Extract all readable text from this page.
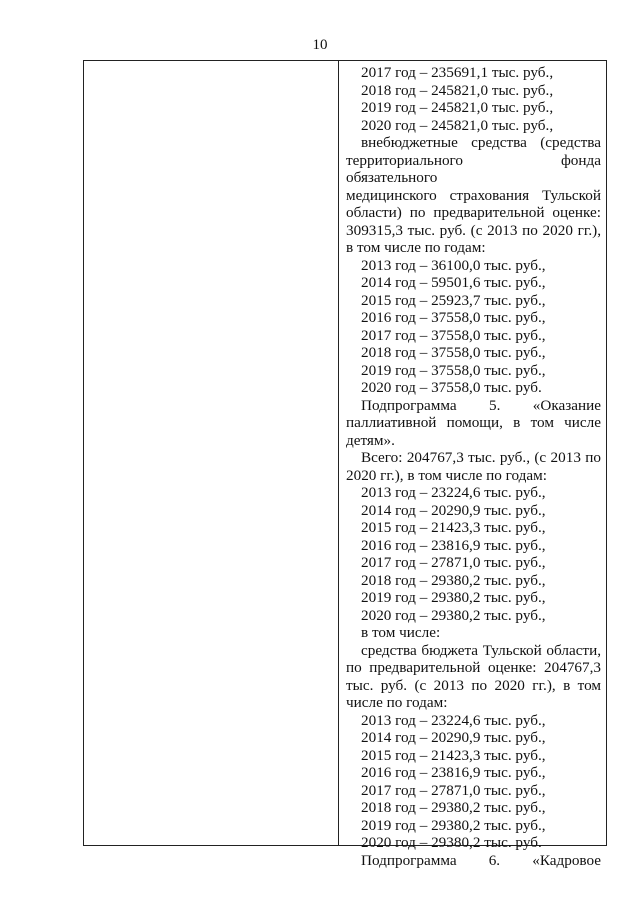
10

2017 год – 235691,1 тыс. руб.,

2018 год – 245821,0 тыс. руб.,

2019 год – 245821,0 тыс. руб.,

2020 год – 245821,0 тыс. руб.,

внебюджетные средства (средства

территориального фонда обязательного

медицинского страхования Тульской

области) по предварительной оценке:

309315,3 тыс. руб. (с 2013 по 2020 гг.),

в том числе по годам:

2013 год – 36100,0 тыс. руб.,

2014 год – 59501,6 тыс. руб.,

2015 год – 25923,7 тыс. руб.,

2016 год – 37558,0 тыс. руб.,

2017 год – 37558,0 тыс. руб.,

2018 год – 37558,0 тыс. руб.,

2019 год – 37558,0 тыс. руб.,

2020 год – 37558,0 тыс. руб.

Подпрограмма 5. «Оказание

паллиативной помощи, в том числе

детям».

Всего: 204767,3 тыс. руб., (с 2013 по

2020 гг.), в том числе по годам:

2013 год – 23224,6 тыс. руб.,

2014 год – 20290,9 тыс. руб.,

2015 год – 21423,3 тыс. руб.,

2016 год – 23816,9 тыс. руб.,

2017 год – 27871,0 тыс. руб.,

2018 год – 29380,2 тыс. руб.,

2019 год – 29380,2 тыс. руб.,

2020 год – 29380,2 тыс. руб.,

в том числе:

средства бюджета Тульской области,

по предварительной оценке: 204767,3

тыс. руб. (с 2013 по 2020 гг.), в том

числе по годам:

2013 год – 23224,6 тыс. руб.,

2014 год – 20290,9 тыс. руб.,

2015 год – 21423,3 тыс. руб.,

2016 год – 23816,9 тыс. руб.,

2017 год – 27871,0 тыс. руб.,

2018 год – 29380,2 тыс. руб.,

2019 год – 29380,2 тыс. руб.,

2020 год – 29380,2 тыс. руб.

Подпрограмма 6. «Кадровое
